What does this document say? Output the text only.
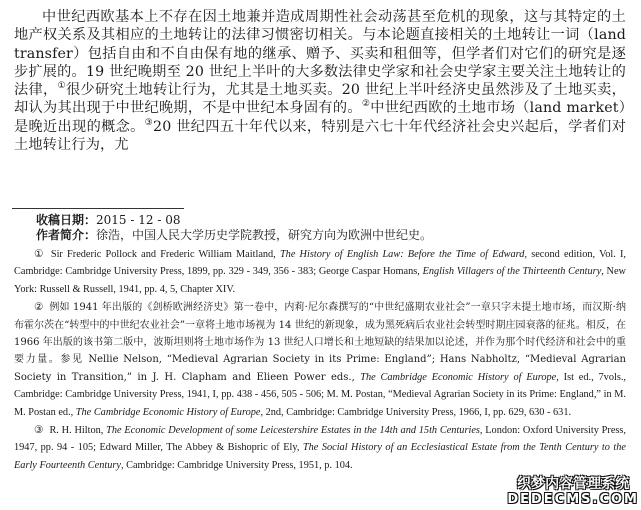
中世纪西欧基本上不存在因土地兼并造成周期性社会动荡甚至危机的现象，这与其特定的土地产权关系及其相应的土地转让的法律习惯密切相关。与本论题直接相关的土地转让一词（land transfer）包括自由和不自由保有地的继承、赠予、买卖和租佃等，但学者们对它们的研究是逐步扩展的。19 世纪晚期至 20 世纪上半叶的大多数法律史学家和社会史学家主要关注土地转让的法律，①很少研究土地转让行为，尤其是土地买卖。20 世纪上半叶经济史虽然涉及了土地买卖，却认为其出现于中世纪晚期，不是中世纪本身固有的。②中世纪西欧的土地市场（land market）是晚近出现的概念。③20 世纪四五十年代以来，特别是六七十年代经济社会史兴起后，学者们对土地转让行为，尤

收稿日期：2015 - 12 - 08
作者简介：徐浩，中国人民大学历史学院教授，研究方向为欧洲中世纪史。

① Sir Frederic Pollock and Frederic William Maitland, The History of English Law: Before the Time of Edward, second edition, Vol. I, Cambridge: Cambridge University Press, 1899, pp. 329 - 349, 356 - 383; George Caspar Homans, English Villagers of the Thirteenth Century, New York: Russell & Russell, 1941, pp. 4, 5, Chapter XIV.

② 例如 1941 年出版的《剑桥欧洲经济史》第一卷中，内莉·尼尔森撰写的“中世纪盛期农业社会”一章只字未提土地市场，而汉斯·纳布霍尔茨在“转型中的中世纪农业社会”一章将土地市场视为 14 世纪的新现象，成为黑死病后农业社会转型时期庄园衰落的征兆。相反，在 1966 年出版的该书第二版中，波斯坦则将土地市场作为 13 世纪人口增长和土地短缺的结果加以论述，并作为那个时代经济和社会中的重要力量。参见 Nellie Nelson, “Medieval Agrarian Society in its Prime: England”; Hans Nabholtz, “Medieval Agrarian Society in Transition,” in J. H. Clapham and Elieen Power eds., The Cambridge Economic History of Europe, Ist ed., 7vols., Cambridge: Cambridge University Press, 1941, I, pp. 438 - 456, 505 - 506; M. M. Postan, “Medieval Agrarian Society in its Prime: England,” in M. M. Postan ed., The Cambridge Economic History of Europe, 2nd, Cambridge: Cambridge University Press, 1966, I, pp. 629, 630 - 631.

③ R. H. Hilton, The Economic Development of some Leicestershire Estates in the 14th and 15th Centuries, London: Oxford University Press, 1947, pp. 94 - 105; Edward Miller, The Abbey & Bishopric of Ely, The Social History of an Ecclesiastical Estate from the Tenth Century to the Early Fourteenth Century, Cambridge: Cambridge University Press, 1951, p. 104.

织梦内容管理系统
DEDECMS.COM
